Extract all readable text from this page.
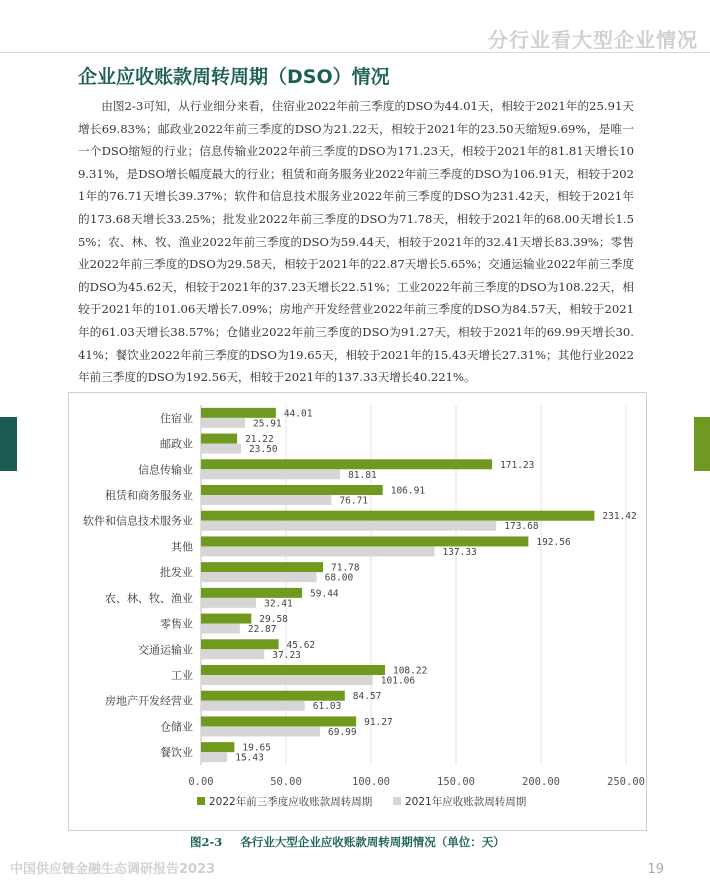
分行业看大型企业情况
企业应收账款周转周期（DSO）情况
由图2-3可知，从行业细分来看，住宿业2022年前三季度的DSO为44.01天，相较于2021年的25.91天增长69.83%；邮政业2022年前三季度的DSO为21.22天，相较于2021年的23.50天缩短9.69%，是唯一一个DSO缩短的行业；信息传输业2022年前三季度的DSO为171.23天，相较于2021年的81.81天增长109.31%，是DSO增长幅度最大的行业；租赁和商务服务业2022年前三季度的DSO为106.91天，相较于2021年的76.71天增长39.37%；软件和信息技术服务业2022年前三季度的DSO为231.42天，相较于2021年的173.68天增长33.25%；批发业2022年前三季度的DSO为71.78天，相较于2021年的68.00天增长1.55%；农、林、牧、渔业2022年前三季度的DSO为59.44天，相较于2021年的32.41天增长83.39%；零售业2022年前三季度的DSO为29.58天，相较于2021年的22.87天增长5.65%；交通运输业2022年前三季度的DSO为45.62天，相较于2021年的37.23天增长22.51%；工业2022年前三季度的DSO为108.22天，相较于2021年的101.06天增长7.09%；房地产开发经营业2022年前三季度的DSO为84.57天，相较于2021年的61.03天增长38.57%；仓储业2022年前三季度的DSO为91.27天，相较于2021年的69.99天增长30.41%；餐饮业2022年前三季度的DSO为19.65天，相较于2021年的15.43天增长27.31%；其他行业2022年前三季度的DSO为192.56天，相较于2021年的137.33天增长40.221%。
0.00	50.00	100.00	150.00	200.00	250.00
住宿业	44.01
25.91
邮政业	21.22
23.50
信息传输业	171.23
81.81
租赁和商务服务业	106.91
76.71
软件和信息技术服务业	231.42
173.68
其他	192.56
137.33
批发业	71.78
68.00
农、林、牧、渔业	59.44
32.41
零售业	29.58
22.87
交通运输业	45.62
37.23
工业	108.22
101.06
房地产开发经营业	84.57
61.03
仓储业	91.27
69.99
餐饮业	19.65
15.43
2022年前三季度应收账款周转周期	2021年应收账款周转周期
图2-3 各行业大型企业应收账款周转周期情况（单位：天）
中国供应链金融生态调研报告2023	19
